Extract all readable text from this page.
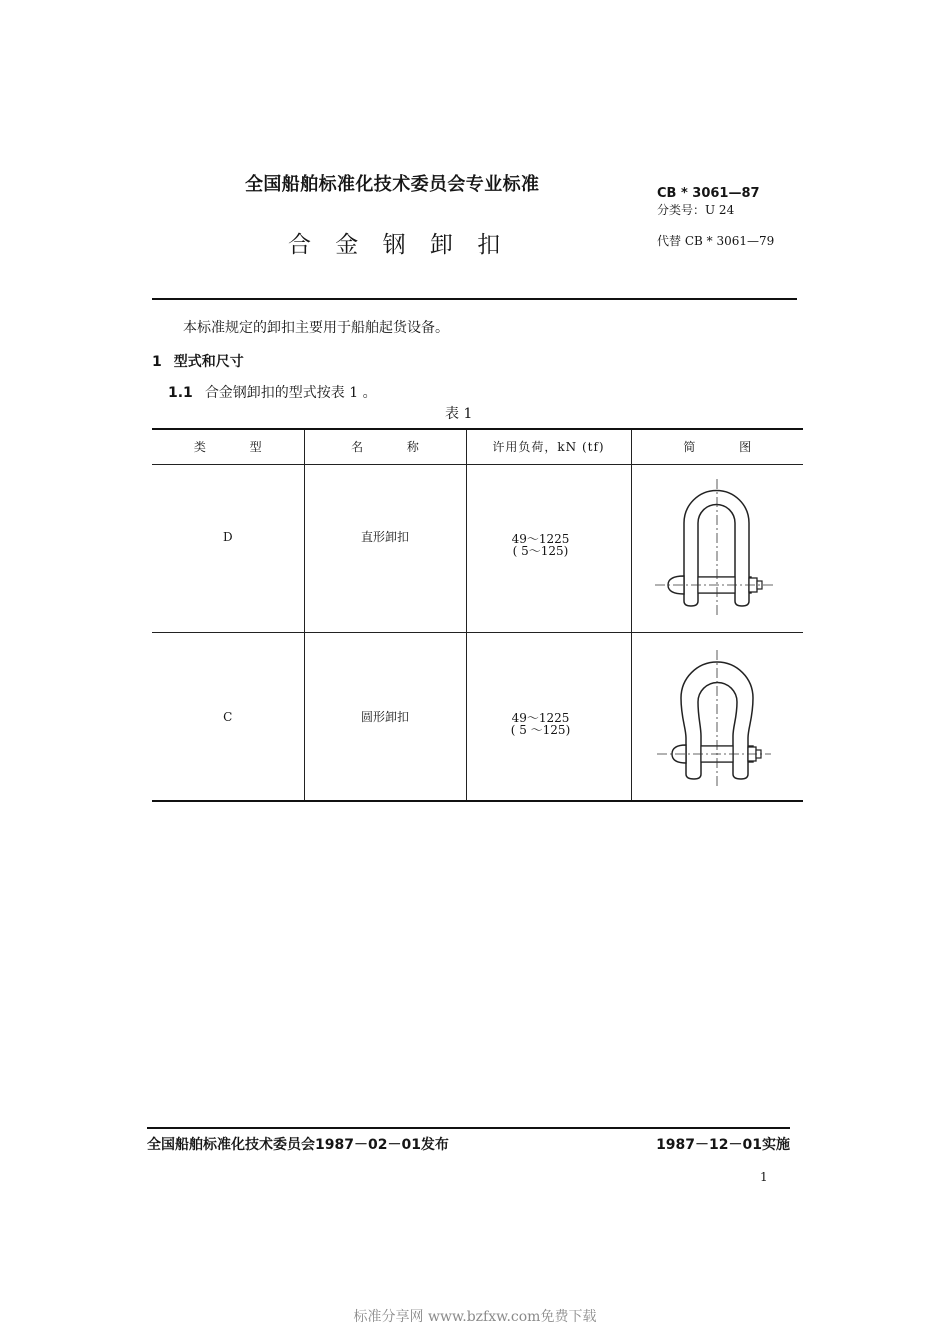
全国船舶标准化技术委员会专业标准
合 金 钢 卸 扣
CB * 3061—87
分类号：U 24
代替 CB * 3061—79
本标准规定的卸扣主要用于船舶起货设备。
1 型式和尺寸
1.1 合金钢卸扣的型式按表 1 。
表 1
类 型	名 称	许用负荷，kN (tf)	简 图
D	直形卸扣	49～1225
( 5～125)

C	圆形卸扣	49～1225
( 5 ～125)

全国船舶标准化技术委员会1987－02－01发布	1987－12－01实施
1
标准分享网 www.bzfxw.com免费下载
